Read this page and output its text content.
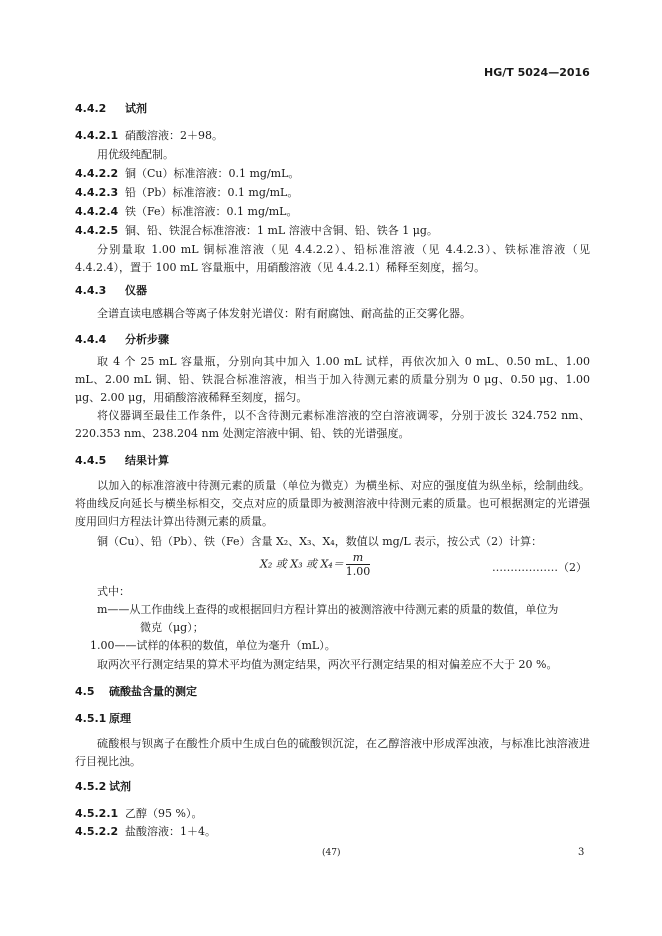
HG/T 5024—2016
4.4.2 试剂
4.4.2.1 硝酸溶液：2＋98。
用优级纯配制。
4.4.2.2 铜（Cu）标准溶液：0.1 mg/mL。
4.4.2.3 铅（Pb）标准溶液：0.1 mg/mL。
4.4.2.4 铁（Fe）标准溶液：0.1 mg/mL。
4.4.2.5 铜、铅、铁混合标准溶液：1 mL 溶液中含铜、铅、铁各 1 μg。
分别量取 1.00 mL 铜标准溶液（见 4.4.2.2）、铅标准溶液（见 4.4.2.3）、铁标准溶液（见 4.4.2.4），置于 100 mL 容量瓶中，用硝酸溶液（见 4.4.2.1）稀释至刻度，摇匀。
4.4.3 仪器
全谱直读电感耦合等离子体发射光谱仪：附有耐腐蚀、耐高盐的正交雾化器。
4.4.4 分析步骤
取 4 个 25 mL 容量瓶，分别向其中加入 1.00 mL 试样，再依次加入 0 mL、0.50 mL、1.00 mL、2.00 mL 铜、铅、铁混合标准溶液，相当于加入待测元素的质量分别为 0 μg、0.50 μg、1.00 μg、2.00 μg，用硝酸溶液稀释至刻度，摇匀。
将仪器调至最佳工作条件，以不含待测元素标准溶液的空白溶液调零，分别于波长 324.752 nm、220.353 nm、238.204 nm 处测定溶液中铜、铅、铁的光谱强度。
4.4.5 结果计算
以加入的标准溶液中待测元素的质量（单位为微克）为横坐标、对应的强度值为纵坐标，绘制曲线。将曲线反向延长与横坐标相交，交点对应的质量即为被测溶液中待测元素的质量。也可根据测定的光谱强度用回归方程法计算出待测元素的质量。
铜（Cu）、铅（Pb）、铁（Fe）含量 X₂、X₃、X₄，数值以 mg/L 表示，按公式（2）计算：
X₂ 或 X₃ 或 $X_4= \frac{m}{1.00}$	………………（2）
式中：
m——从工作曲线上查得的或根据回归方程计算出的被测溶液中待测元素的质量的数值，单位为
微克（μg）；
1.00——试样的体积的数值，单位为毫升（mL）。
取两次平行测定结果的算术平均值为测定结果，两次平行测定结果的相对偏差应不大于 20 %。
4.5 硫酸盐含量的测定
4.5.1 原理
硫酸根与钡离子在酸性介质中生成白色的硫酸钡沉淀，在乙醇溶液中形成浑浊液，与标准比浊溶液进行目视比浊。
4.5.2 试剂
4.5.2.1 乙醇（95 %）。
4.5.2.2 盐酸溶液：1＋4。
(47)	3
